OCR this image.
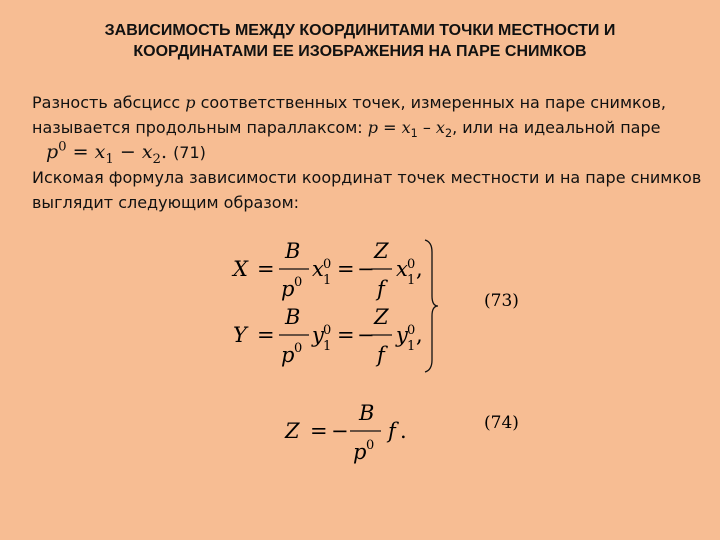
ЗАВИСИМОСТЬ МЕЖДУ КООРДИНИТАМИ ТОЧКИ МЕСТНОСТИ И
КООРДИНАТАМИ ЕЕ ИЗОБРАЖЕНИЯ НА ПАРЕ СНИМКОВ

Разность абсцисс p соответственных точек, измеренных на паре снимков, называется продольным параллаксом: $p = x_1 - x_2$, или на идеальной паре $p^0 = x_1 - x_2$. (71)

Искомая формула зависимости координат точек местности и на паре снимков выглядит следующим образом:

X =
B
p 0
x 0
1 = −
Z
f
x 0
1 ,
Y =
B
p 0
y 0
1 = −
Z
f
y 0
1 ,
(73)
Z = −
B
p 0
f .	(74)
